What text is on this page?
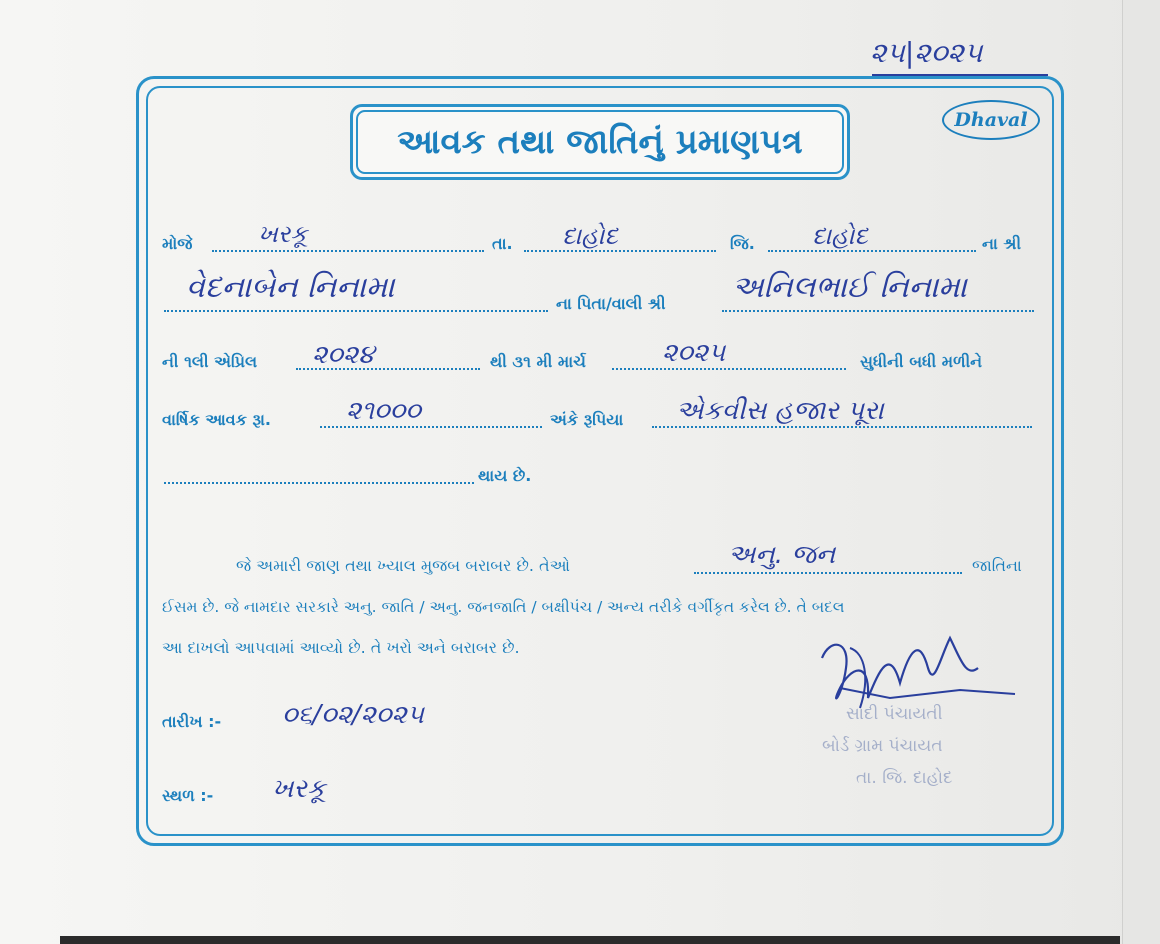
૨૫|૨૦૨૫
આવક તથા જાતિનું પ્રમાણપત્ર
Dhaval
મોજે	ખરકૂ	તા. દાહોદ	જિ. દાહોદ	ના શ્રી
વેદનાબેન નિનામા	ના પિતા/વાલી શ્રી અનિલભાઈ નિનામા
ની ૧લી એપ્રિલ ૨૦૨૪	થી ૩૧ મી માર્ચ	૨૦૨૫	સુધીની બધી મળીને
વાર્ષિક આવક રૂા.	૨૧૦૦૦	અંકે રૂપિયા એકવીસ હજાર પૂરા
થાય છે.
જે અમારી જાણ તથા ખ્યાલ મુજબ બરાબર છે. તેઓ	અનુ. જન	જાતિના
ઈસમ છે. જે નામદાર સરકારે અનુ. જાતિ / અનુ. જનજાતિ / બક્ષીપંચ / અન્ય તરીકે વર્ગીકૃત કરેલ છે. તે બદલ
આ દાખલો આપવામાં આવ્યો છે. તે ખરો અને બરાબર છે.
તારીખ :- ૦૬/૦૨/૨૦૨૫
સ્થળ :- ખરકૂ
સાદી પંચાયતી
બોર્ડ ગ્રામ પંચાયત
તા. જિ. દાહોદ
